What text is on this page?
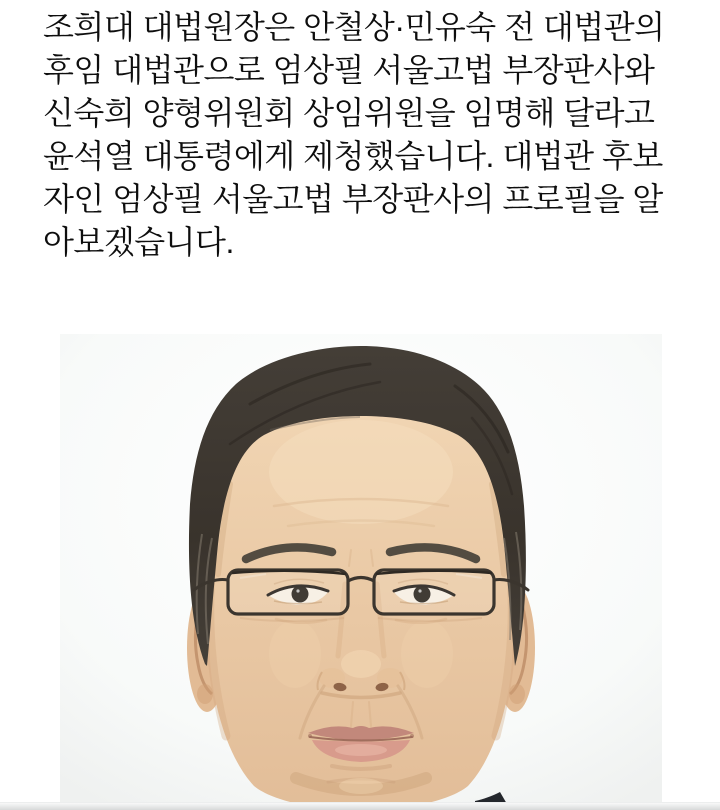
조희대 대법원장은 안철상·민유숙 전 대법관의
후임 대법관으로 엄상필 서울고법 부장판사와
신숙희 양형위원회 상임위원을 임명해 달라고
윤석열 대통령에게 제청했습니다. 대법관 후보
자인 엄상필 서울고법 부장판사의 프로필을 알
아보겠습니다.
